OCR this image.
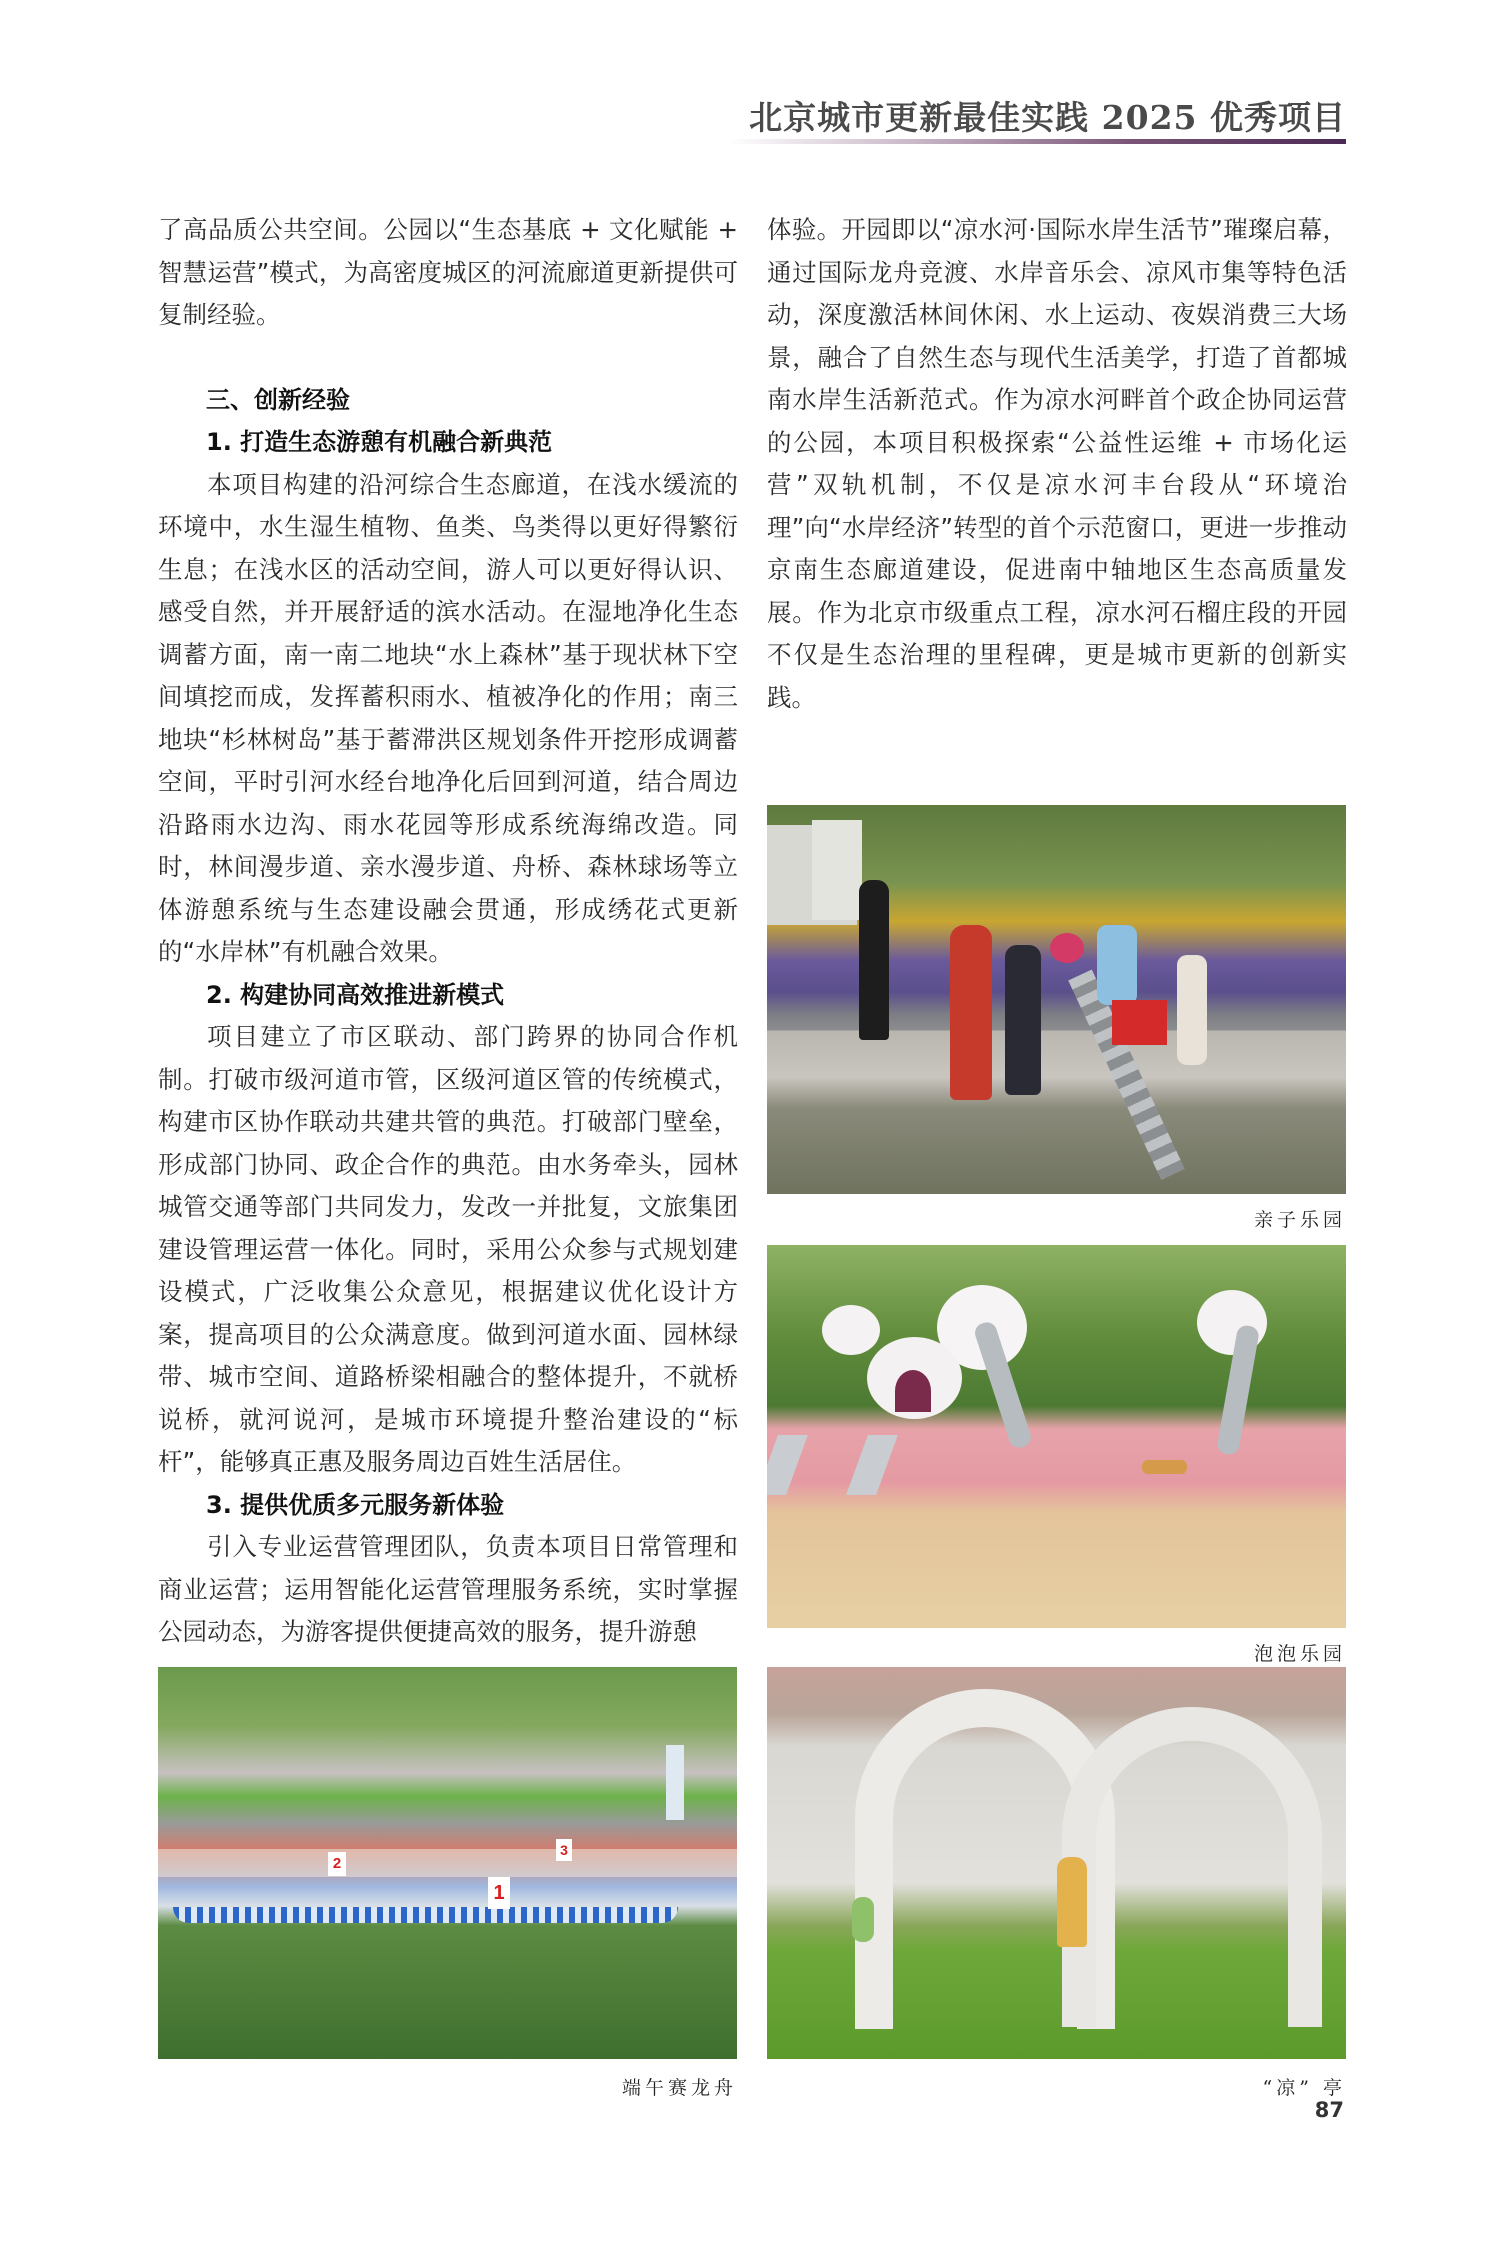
北京城市更新最佳实践 2025 优秀项目

了高品质公共空间。公园以“生态基底 + 文化赋能 + 智慧运营”模式，为高密度城区的河流廊道更新提供可复制经验。

三、创新经验

1. 打造生态游憩有机融合新典范

本项目构建的沿河综合生态廊道，在浅水缓流的环境中，水生湿生植物、鱼类、鸟类得以更好得繁衍生息；在浅水区的活动空间，游人可以更好得认识、感受自然，并开展舒适的滨水活动。在湿地净化生态调蓄方面，南一南二地块“水上森林”基于现状林下空间填挖而成，发挥蓄积雨水、植被净化的作用；南三地块“杉林树岛”基于蓄滞洪区规划条件开挖形成调蓄空间，平时引河水经台地净化后回到河道，结合周边沿路雨水边沟、雨水花园等形成系统海绵改造。同时，林间漫步道、亲水漫步道、舟桥、森林球场等立体游憩系统与生态建设融会贯通，形成绣花式更新的“水岸林”有机融合效果。

2. 构建协同高效推进新模式

项目建立了市区联动、部门跨界的协同合作机制。打破市级河道市管，区级河道区管的传统模式，构建市区协作联动共建共管的典范。打破部门壁垒，形成部门协同、政企合作的典范。由水务牵头，园林城管交通等部门共同发力，发改一并批复，文旅集团建设管理运营一体化。同时，采用公众参与式规划建设模式，广泛收集公众意见，根据建议优化设计方案，提高项目的公众满意度。做到河道水面、园林绿带、城市空间、道路桥梁相融合的整体提升，不就桥说桥，就河说河，是城市环境提升整治建设的“标杆”，能够真正惠及服务周边百姓生活居住。

3. 提供优质多元服务新体验

引入专业运营管理团队，负责本项目日常管理和商业运营；运用智能化运营管理服务系统，实时掌握公园动态，为游客提供便捷高效的服务，提升游憩

体验。开园即以“凉水河·国际水岸生活节”璀璨启幕，通过国际龙舟竞渡、水岸音乐会、凉风市集等特色活动，深度激活林间休闲、水上运动、夜娱消费三大场景，融合了自然生态与现代生活美学，打造了首都城南水岸生活新范式。作为凉水河畔首个政企协同运营的公园，本项目积极探索“公益性运维 + 市场化运营”双轨机制，不仅是凉水河丰台段从“环境治理”向“水岸经济”转型的首个示范窗口，更进一步推动京南生态廊道建设，促进南中轴地区生态高质量发展。作为北京市级重点工程，凉水河石榴庄段的开园不仅是生态治理的里程碑，更是城市更新的创新实践。

亲子乐园
泡泡乐园
1
2
3
端午赛龙舟	“凉” 亭
87
